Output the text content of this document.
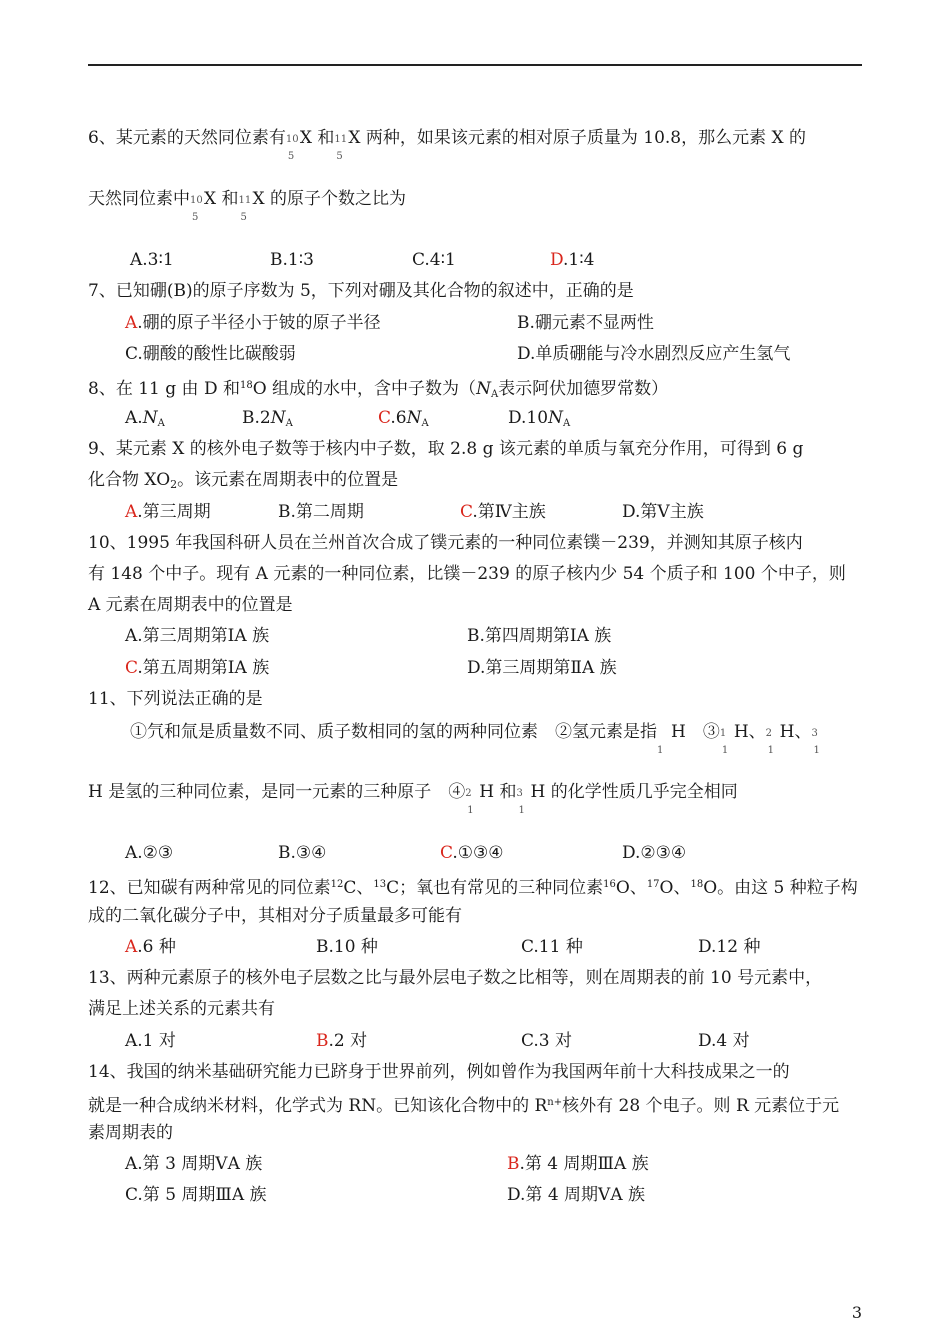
6、某元素的天然同位素有 10
5
X 和 11
5
X 两种，如果该元素的相对原子质量为 10.8，那么元素 X 的
天然同位素中 10
5
X 和 11
5
X 的原子个数之比为
A.3∶1	B.1∶3	C.4∶1	D.1∶4
7、已知硼(B)的原子序数为 5，下列对硼及其化合物的叙述中，正确的是
A.硼的原子半径小于铍的原子半径	B.硼元素不显两性
C.硼酸的酸性比碳酸弱	D.单质硼能与冷水剧烈反应产生氢气
8、在 11 g 由 D 和$^{18}$O 组成的水中，含中子数为（NA表示阿伏加德罗常数）
A.NA	B.2NA	C.6NA	D.10NA
9、某元素 X 的核外电子数等于核内中子数，取 2.8 g 该元素的单质与氧充分作用，可得到 6 g
化合物 $XO_2$。该元素在周期表中的位置是
A.第三周期	B.第二周期	C.第Ⅳ主族	D.第Ⅴ主族
10、1995 年我国科研人员在兰州首次合成了镤元素的一种同位素镤－239，并测知其原子核内
有 148 个中子。现有 A 元素的一种同位素，比镤－239 的原子核内少 54 个质子和 100 个中子，则
A 元素在周期表中的位置是
A.第三周期第ⅠA 族	B.第四周期第ⅠA 族
C.第五周期第ⅠA 族	D.第三周期第ⅡA 族
11、下列说法正确的是
①氕和氚是质量数不同、质子数相同的氢的两种同位素　②氢元素是指
1
H　 ③ 1
1
H、 2
1
H、 3
1
H 是氢的三种同位素，是同一元素的三种原子　④ 2
1
H 和 3
1
H 的化学性质几乎完全相同
A.②③	B.③④	C.①③④	D.②③④
12、已知碳有两种常见的同位素$^{12}$C、$^{13}$C；氧也有常见的三种同位素$^{16}$O、$^{17}$O、$^{18}$O。由这 5 种粒子构
成的二氧化碳分子中，其相对分子质量最多可能有
A.6 种	B.10 种	C.11 种	D.12 种
13、两种元素原子的核外电子层数之比与最外层电子数之比相等，则在周期表的前 10 号元素中，
满足上述关系的元素共有
A.1 对	B.2 对	C.3 对	D.4 对
14、我国的纳米基础研究能力已跻身于世界前列，例如曾作为我国两年前十大科技成果之一的
就是一种合成纳米材料，化学式为 RN。已知该化合物中的 $R^{n+}$核外有 28 个电子。则 R 元素位于元
素周期表的
A.第 3 周期ⅤA 族	B.第 4 周期ⅢA 族
C.第 5 周期ⅢA 族	D.第 4 周期ⅤA 族
3
